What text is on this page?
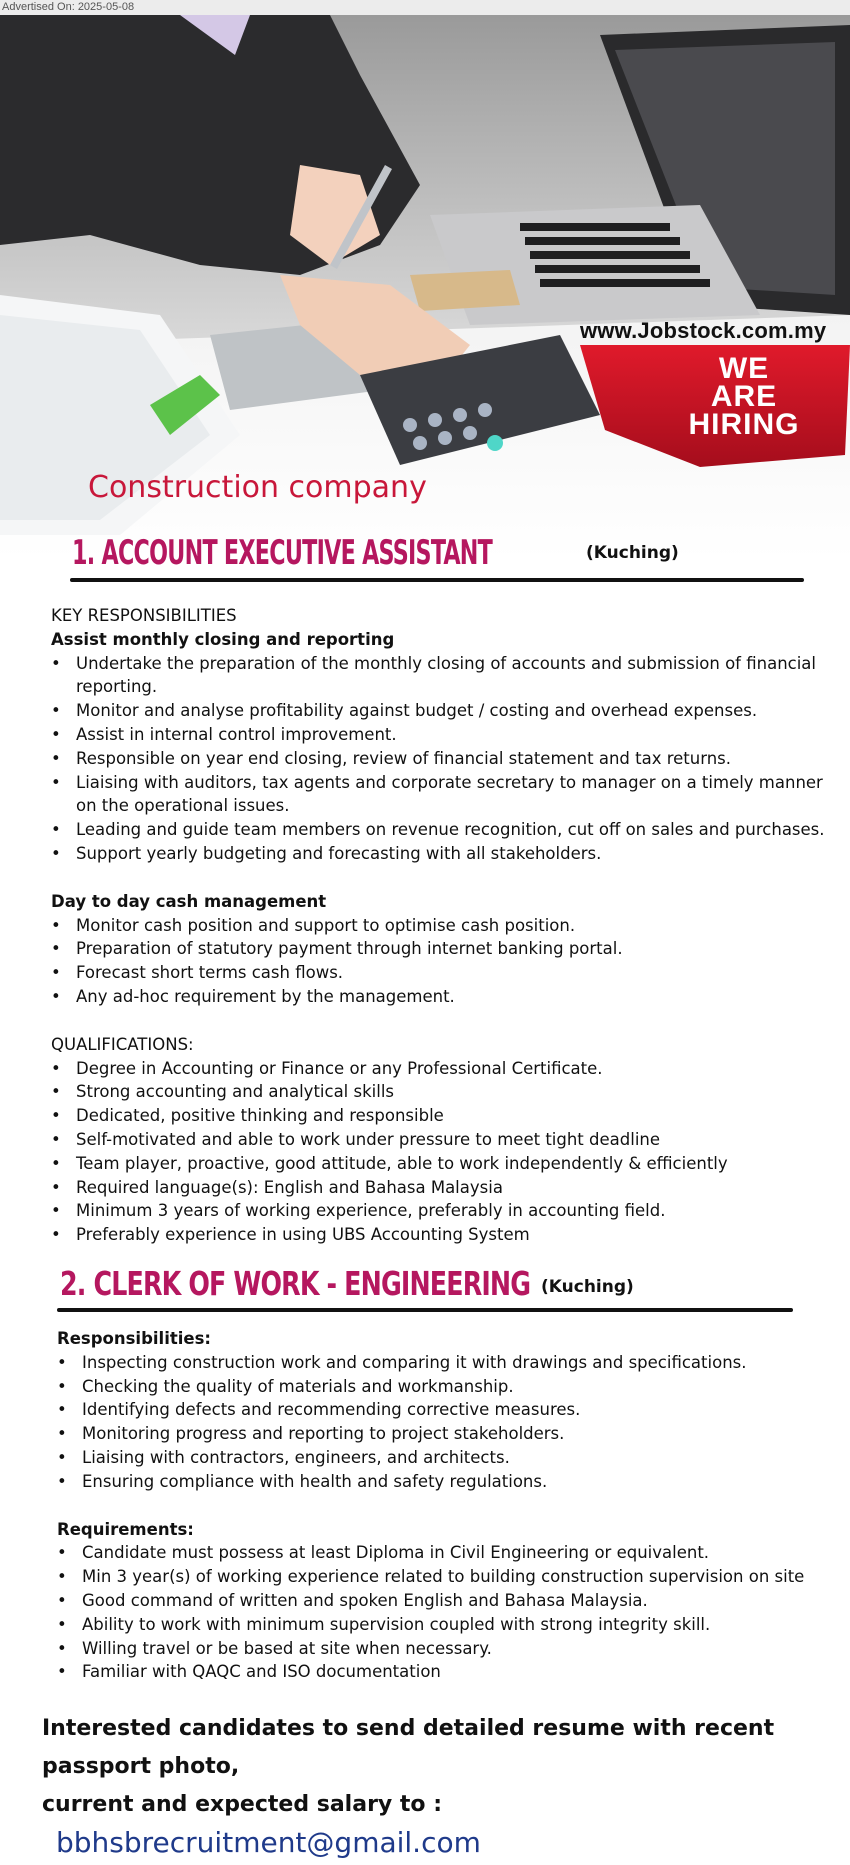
Advertised On: 2025-05-08
www.Jobstock.com.my
WE
ARE
HIRING
Construction company
1. ACCOUNT EXECUTIVE ASSISTANT	(Kuching)
KEY RESPONSIBILITIES
Assist monthly closing and reporting
• Undertake the preparation of the monthly closing of accounts and submission of financial reporting.
• Monitor and analyse profitability against budget / costing and overhead expenses.
• Assist in internal control improvement.
• Responsible on year end closing, review of financial statement and tax returns.
• Liaising with auditors, tax agents and corporate secretary to manager on a timely manner on the operational issues.
• Leading and guide team members on revenue recognition, cut off on sales and purchases.
• Support yearly budgeting and forecasting with all stakeholders.
Day to day cash management
• Monitor cash position and support to optimise cash position.
• Preparation of statutory payment through internet banking portal.
• Forecast short terms cash flows.
• Any ad-hoc requirement by the management.
QUALIFICATIONS:
• Degree in Accounting or Finance or any Professional Certificate.
• Strong accounting and analytical skills
• Dedicated, positive thinking and responsible
• Self-motivated and able to work under pressure to meet tight deadline
• Team player, proactive, good attitude, able to work independently & efficiently
• Required language(s): English and Bahasa Malaysia
• Minimum 3 years of working experience, preferably in accounting field.
• Preferably experience in using UBS Accounting System
2. CLERK OF WORK - ENGINEERING (Kuching)
Responsibilities:
• Inspecting construction work and comparing it with drawings and specifications.
• Checking the quality of materials and workmanship.
• Identifying defects and recommending corrective measures.
• Monitoring progress and reporting to project stakeholders.
• Liaising with contractors, engineers, and architects.
• Ensuring compliance with health and safety regulations.
Requirements:
• Candidate must possess at least Diploma in Civil Engineering or equivalent.
• Min 3 year(s) of working experience related to building construction supervision on site
• Good command of written and spoken English and Bahasa Malaysia.
• Ability to work with minimum supervision coupled with strong integrity skill.
• Willing travel or be based at site when necessary.
• Familiar with QAQC and ISO documentation
Interested candidates to send detailed resume with recent passport photo,
current and expected salary to : bbhsbrecruitment@gmail.com
